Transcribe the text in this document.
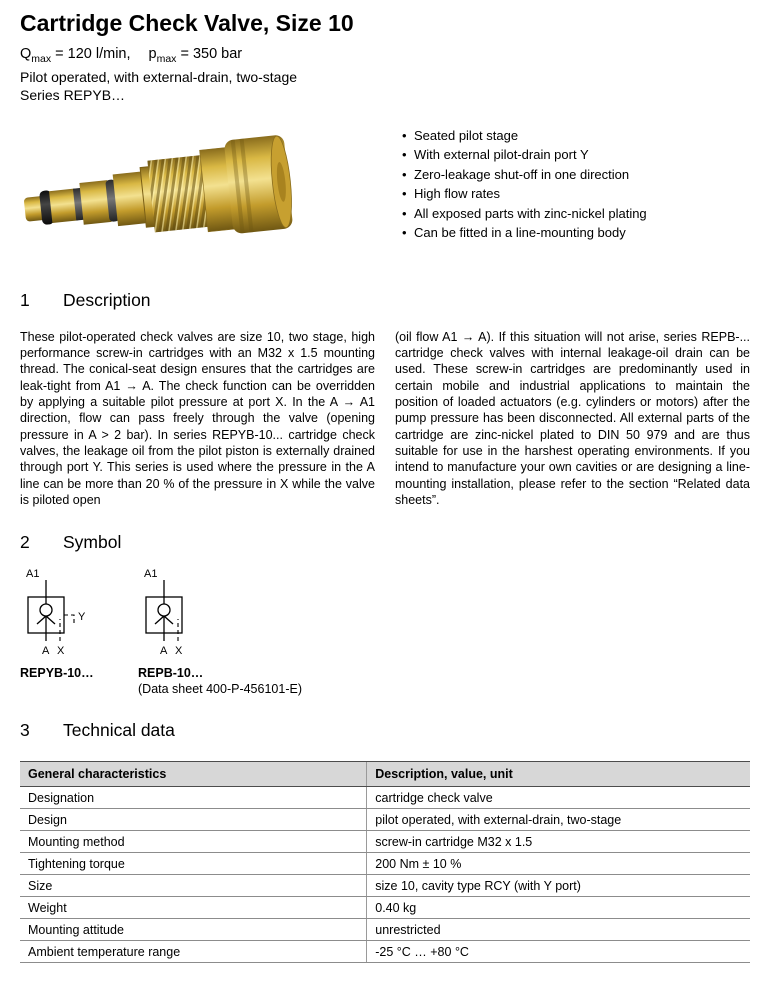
Cartridge Check Valve, Size 10

$Q_{max} = 120$ l/min, $p_{max} = 350$ bar

Pilot operated, with external-drain, two-stage
Series REPYB…
• Seated pilot stage
• With external pilot-drain port Y
• Zero-leakage shut-off in one direction
• High flow rates
• All exposed parts with zinc-nickel plating
• Can be fitted in a line-mounting body
1 Description

These pilot-operated check valves are size 10, two stage, high performance screw-in cartridges with an M32 x 1.5 mounting thread. The conical-seat design ensures that the cartridges are leak-tight from A1 → A. The check function can be overridden by applying a suitable pilot pressure at port X. In the A → A1 direction, flow can pass freely through the valve (opening pressure in A > 2 bar). In series REPYB-10... cartridge check valves, the leakage oil from the pilot piston is externally drained through port Y. This series is used where the pressure in the A line can be more than 20 % of the pressure in X while the valve is piloted open

(oil flow A1 → A). If this situation will not arise, series REPB-... cartridge check valves with internal leakage-oil drain can be used. These screw-in cartridges are predominantly used in certain mobile and industrial applications to maintain the position of loaded actuators (e.g. cylinders or motors) after the pump pressure has been disconnected. All external parts of the cartridge are zinc-nickel plated to DIN 50 979 and are thus suitable for use in the harshest operating environments. If you intend to manufacture your own cavities or are designing a line-mounting installation, please refer to the section “Related data sheets”.

2 Symbol
A1
Y
A X
REPYB-10…
A1
A X
REPB-10…
(Data sheet 400-P-456101-E)
3 Technical data
General characteristics	Description, value, unit
Designation	cartridge check valve
Design	pilot operated, with external-drain, two-stage
Mounting method	screw-in cartridge M32 x 1.5
Tightening torque	200 Nm ± 10 %
Size	size 10, cavity type RCY (with Y port)
Weight	0.40 kg
Mounting attitude	unrestricted
Ambient temperature range	-25 °C … +80 °C
